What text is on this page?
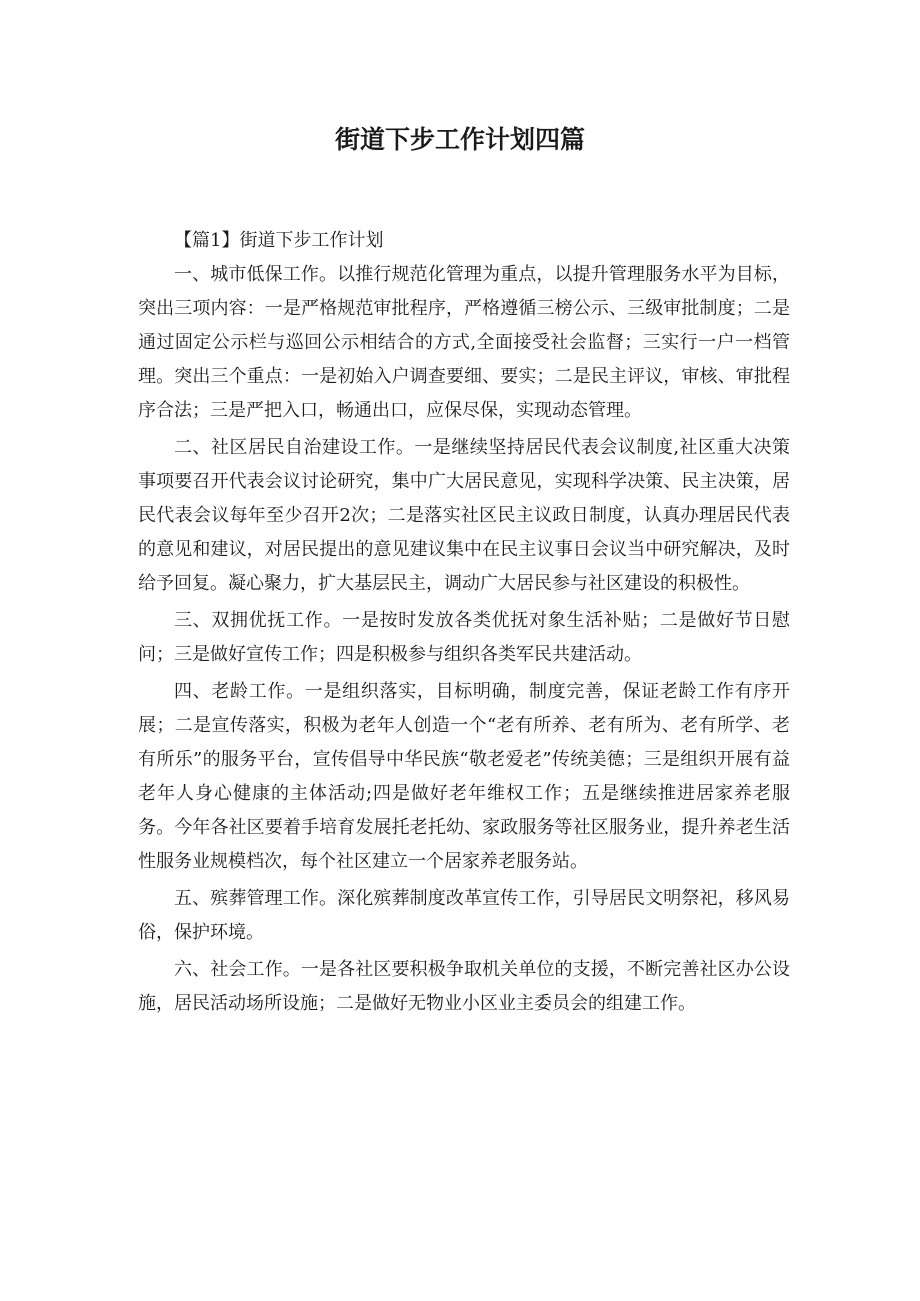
街道下步工作计划四篇

【篇1】街道下步工作计划

一、城市低保工作。以推行规范化管理为重点，以提升管理服务水平为目标，突出三项内容：一是严格规范审批程序，严格遵循三榜公示、三级审批制度；二是通过固定公示栏与巡回公示相结合的方式,全面接受社会监督；三实行一户一档管理。突出三个重点：一是初始入户调查要细、要实；二是民主评议，审核、审批程序合法；三是严把入口，畅通出口，应保尽保，实现动态管理。

二、社区居民自治建设工作。一是继续坚持居民代表会议制度,社区重大决策事项要召开代表会议讨论研究，集中广大居民意见，实现科学决策、民主决策，居民代表会议每年至少召开2次；二是落实社区民主议政日制度，认真办理居民代表的意见和建议，对居民提出的意见建议集中在民主议事日会议当中研究解决，及时给予回复。凝心聚力，扩大基层民主，调动广大居民参与社区建设的积极性。

三、双拥优抚工作。一是按时发放各类优抚对象生活补贴；二是做好节日慰问；三是做好宣传工作；四是积极参与组织各类军民共建活动。

四、老龄工作。一是组织落实，目标明确，制度完善，保证老龄工作有序开展；二是宣传落实，积极为老年人创造一个“老有所养、老有所为、老有所学、老有所乐”的服务平台，宣传倡导中华民族“敬老爱老”传统美德；三是组织开展有益老年人身心健康的主体活动;四是做好老年维权工作；五是继续推进居家养老服务。今年各社区要着手培育发展托老托幼、家政服务等社区服务业，提升养老生活性服务业规模档次，每个社区建立一个居家养老服务站。

五、殡葬管理工作。深化殡葬制度改革宣传工作，引导居民文明祭祀，移风易俗，保护环境。

六、社会工作。一是各社区要积极争取机关单位的支援，不断完善社区办公设施，居民活动场所设施；二是做好无物业小区业主委员会的组建工作。
